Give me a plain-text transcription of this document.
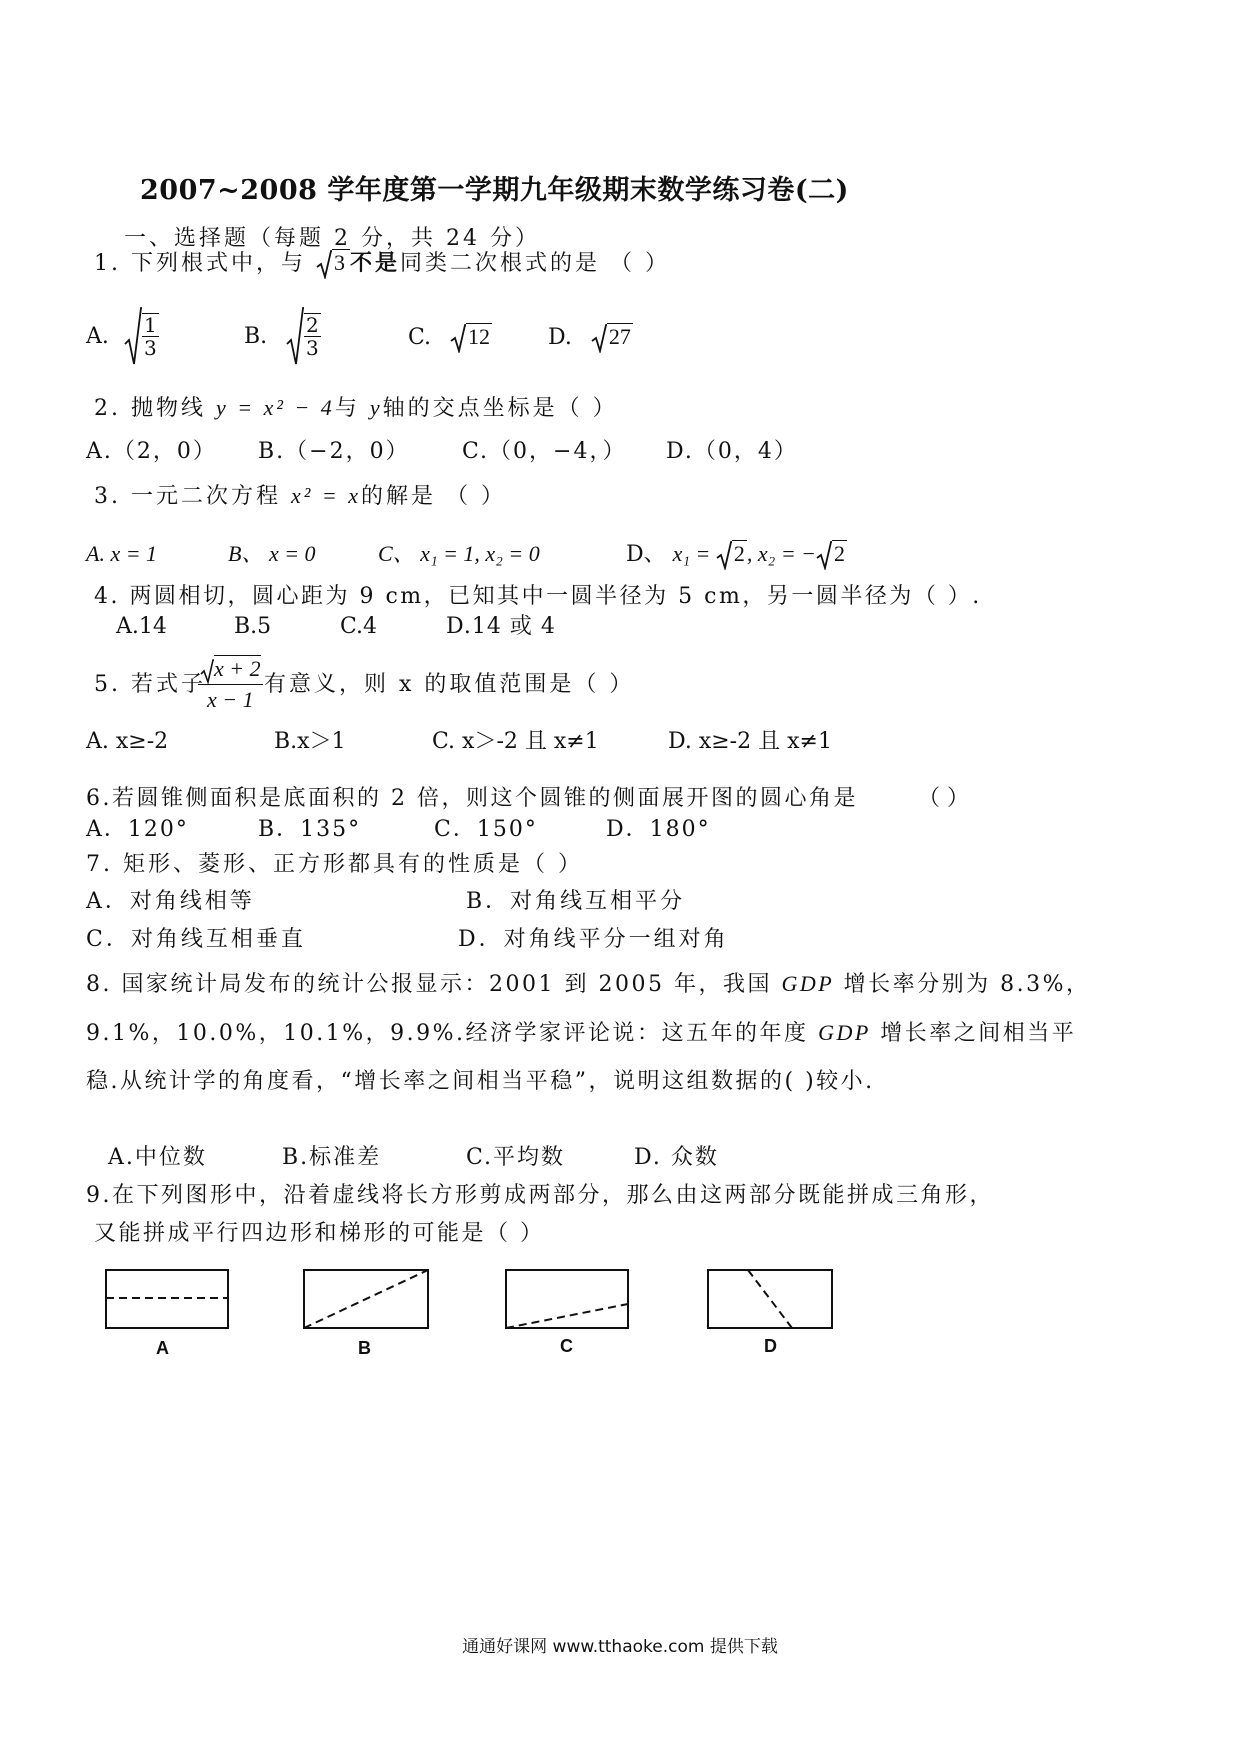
2007~2008 学年度第一学期九年级期末数学练习卷(二)
一、选择题（每题 2 分，共 24 分）
1. 下列根式中，与 3不是同类二次根式的是 （ ）
A. $\frac{1}{3}$	B. $\frac{2}{3}$	C. 12	D. 27
2. 抛物线 y = x² − 4与 y轴的交点坐标是（ ）
A.（2，0） B.（−2，0） C.（0，−4，） D.（0，4）
3. 一元二次方程 x² = x的解是 （ ）
A. x = 1	B、 x = 0	C、 x₁ = 1, x₂ = 0	D、 x₁ = 2, x₂ = − 2
4. 两圆相切，圆心距为 9 cm，已知其中一圆半径为 5 cm，另一圆半径为（ ）.
A.14	B.5	C.4	D.14 或 4
5. 若式子
$\frac{x + 2}{x - 1}$ 有意义，则 x 的取值范围是（ ）
A. x≥-2	B.x＞1	C. x＞-2 且 x≠1	D. x≥-2 且 x≠1
6.若圆锥侧面积是底面积的 2 倍，则这个圆锥的侧面展开图的圆心角是	（ ）
A．120°	B．135°	C．150°	D．180°
7. 矩形、菱形、正方形都具有的性质是（ ）
A．对角线相等	B．对角线互相平分
C．对角线互相垂直	D．对角线平分一组对角
8. 国家统计局发布的统计公报显示：2001 到 2005 年，我国 GDP 增长率分别为 8.3%，9.1%，10.0%，10.1%，9.9%.经济学家评论说：这五年的年度 GDP 增长率之间相当平稳.从统计学的角度看，“增长率之间相当平稳”，说明这组数据的( )较小.
A.中位数	B.标准差	C.平均数	D. 众数
9.在下列图形中，沿着虚线将长方形剪成两部分，那么由这两部分既能拼成三角形，
又能拼成平行四边形和梯形的可能是（ ）
A	B	C	D
通通好课网 www.tthaoke.com 提供下载
